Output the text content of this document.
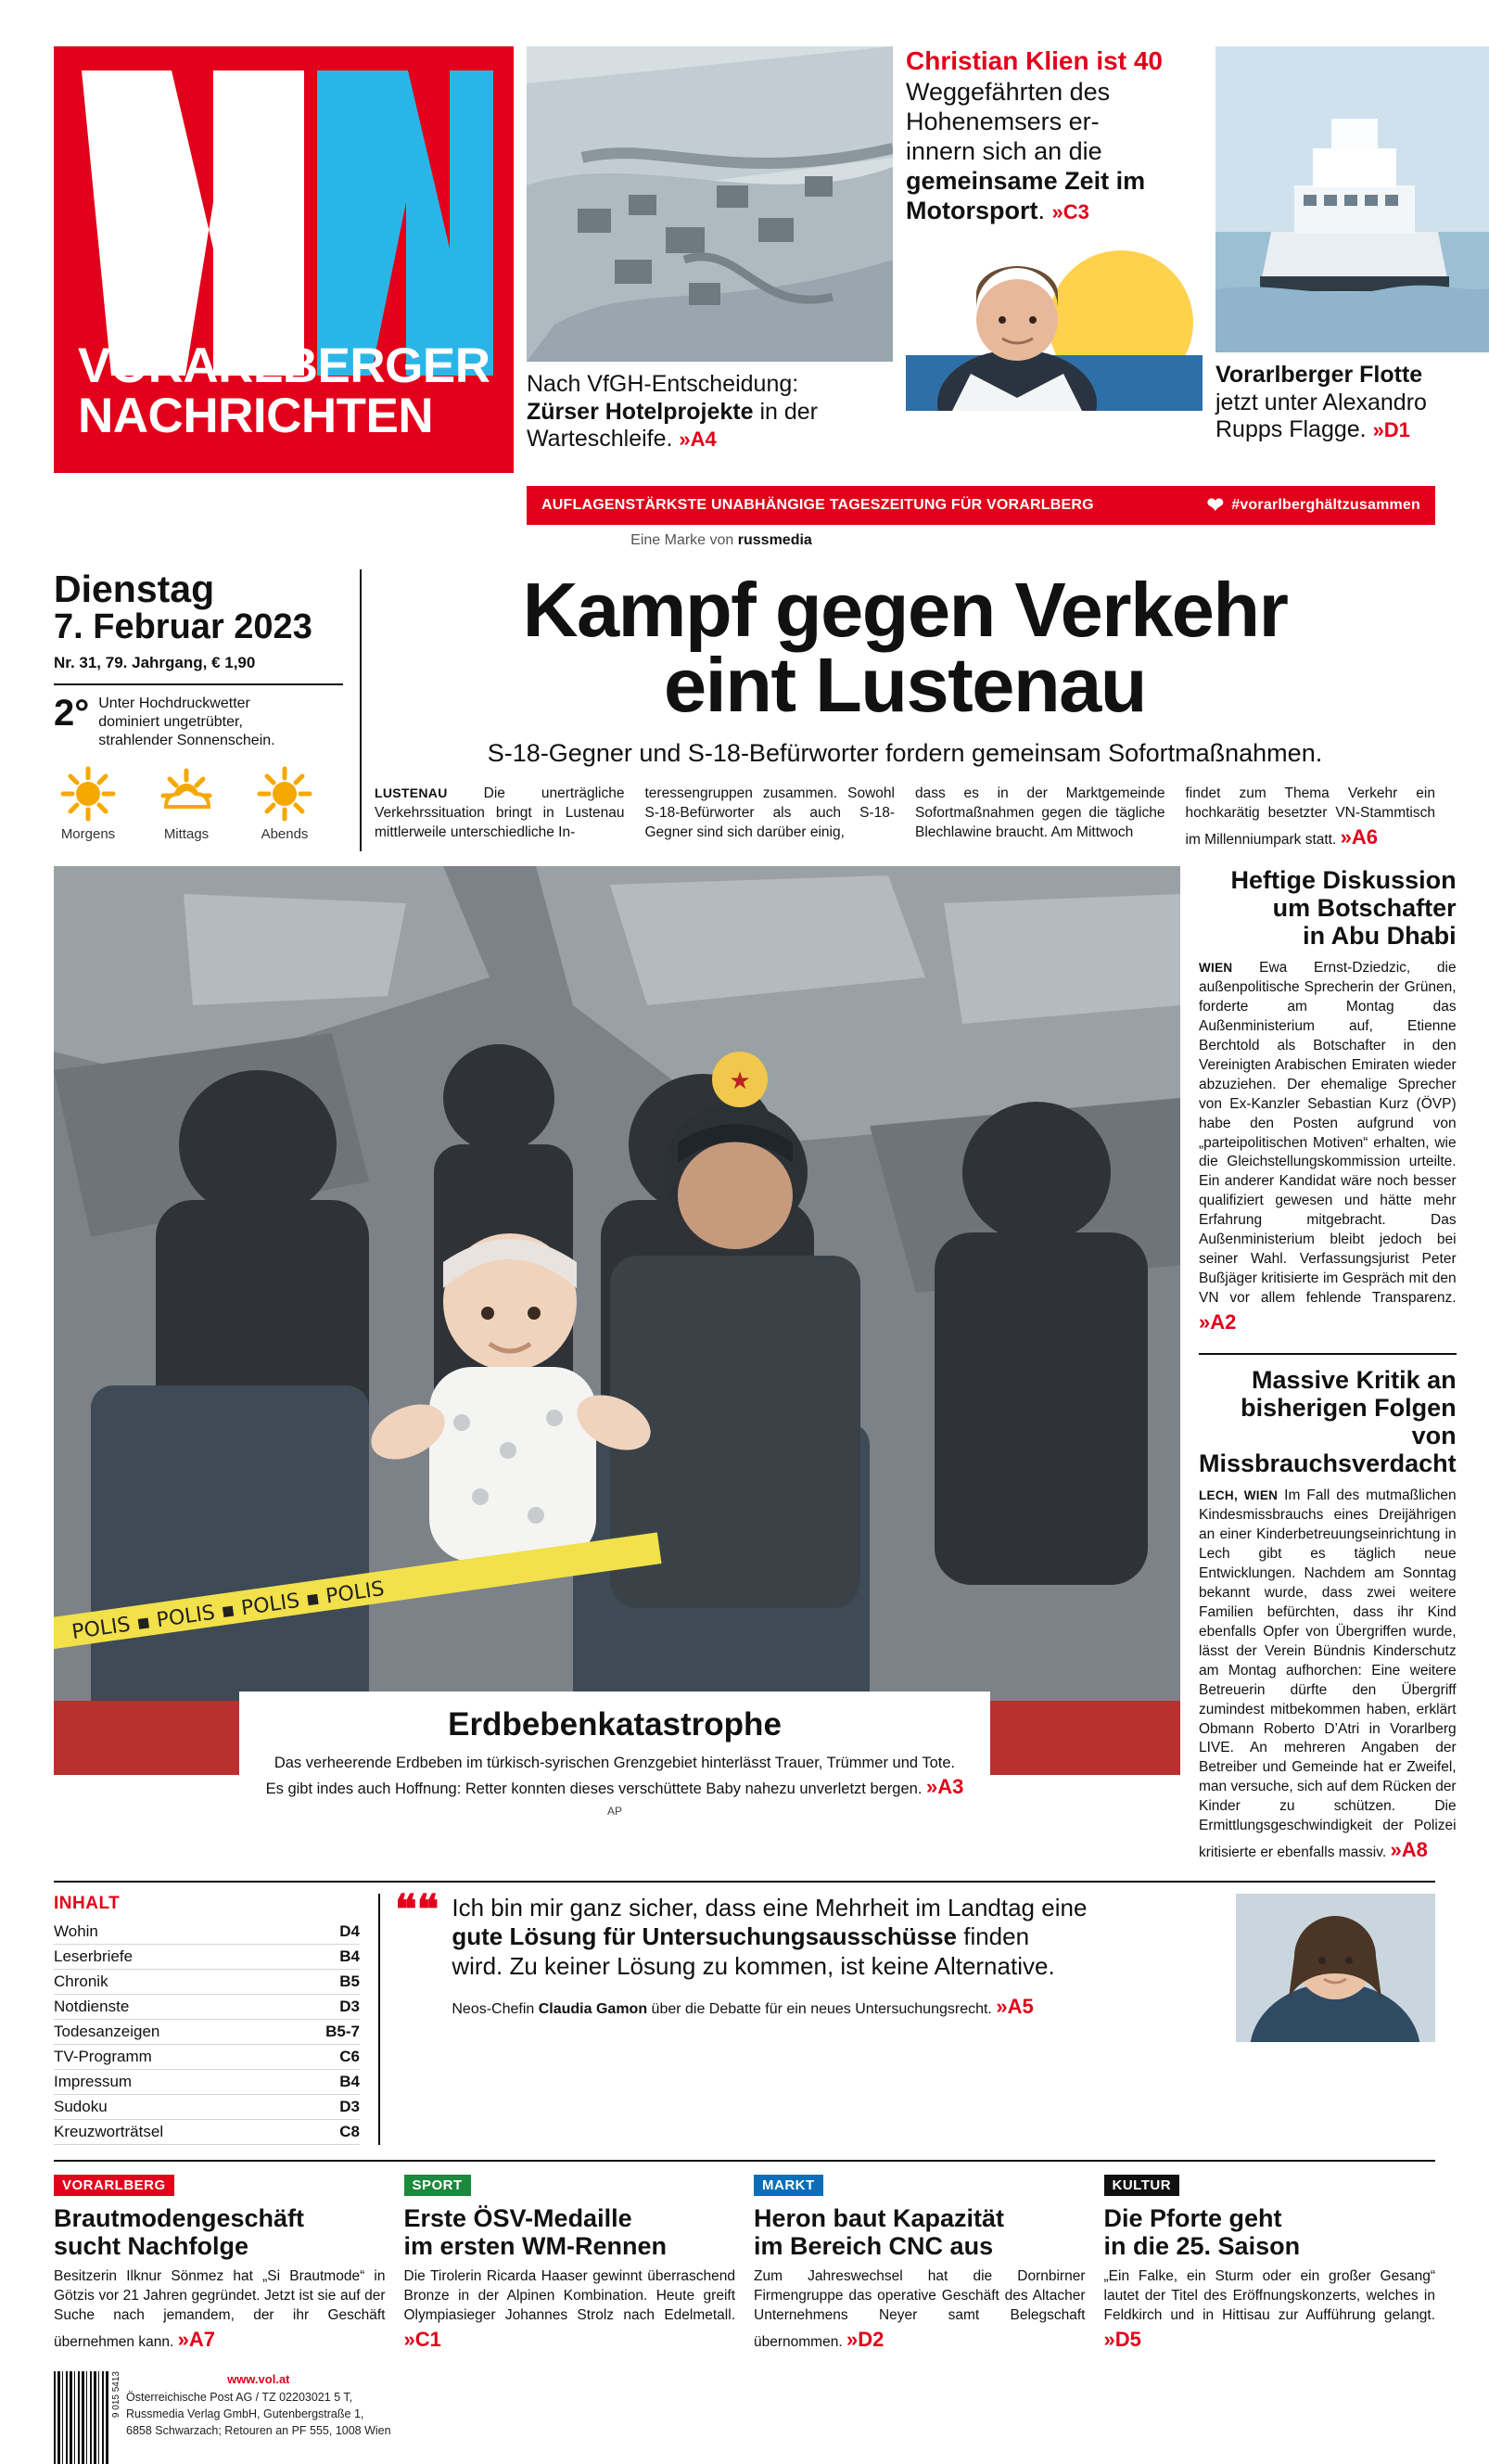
VORARLBERGER
NACHRICHTEN
Nach VfGH-Entscheidung:
Zürser Hotelprojekte in der
Warteschleife. »A4
Christian Klien ist 40
Weggefährten des
Hohenemsers er-
innern sich an die
gemeinsame Zeit im
Motorsport. »C3
Vorarlberger Flotte
jetzt unter Alexandro
Rupps Flagge. »D1
AUFLAGENSTÄRKSTE UNABHÄNGIGE TAGESZEITUNG FÜR VORARLBERG	❤ #vorarlberghältzusammen
Eine Marke von russmedia
Dienstag
7. Februar 2023
Nr. 31, 79. Jahrgang, € 1,90
2° Unter Hochdruckwetter
dominiert ungetrübter,
strahlender Sonnenschein.
Morgens	Mittags	Abends
Kampf gegen Verkehr
eint Lustenau
S-18-Gegner und S-18-Befürworter fordern gemeinsam Sofortmaßnahmen.
LUSTENAU Die unerträgliche Verkehrssituation bringt in Lustenau mittlerweile unterschiedliche In-
teressengruppen zusammen. Sowohl S-18-Befürworter als auch S-18-Gegner sind sich darüber einig,
dass es in der Marktgemeinde Sofortmaßnahmen gegen die tägliche Blechlawine braucht. Am Mittwoch
findet zum Thema Verkehr ein hochkarätig besetzter VN-Stammtisch im Millenniumpark statt. »A6
★
POLIS ▪ POLIS ▪ POLIS ▪ POLIS
Erdbebenkatastrophe

Das verheerende Erdbeben im türkisch-syrischen Grenzgebiet hinterlässt Trauer, Trümmer und Tote.
Es gibt indes auch Hoffnung: Retter konnten dieses verschüttete Baby nahezu unverletzt bergen. »A3 AP

Heftige Diskussion
um Botschafter
in Abu Dhabi
WIEN Ewa Ernst-Dziedzic, die außenpolitische Sprecherin der Grünen, forderte am Montag das Außenministerium auf, Etienne Berchtold als Botschafter in den Vereinigten Arabischen Emiraten wieder abzuziehen. Der ehemalige Sprecher von Ex-Kanzler Sebastian Kurz (ÖVP) habe den Posten aufgrund von „parteipolitischen Motiven“ erhalten, wie die Gleichstellungskommission urteilte. Ein anderer Kandidat wäre noch besser qualifiziert gewesen und hätte mehr Erfahrung mitgebracht. Das Außenministerium bleibt jedoch bei seiner Wahl. Verfassungsjurist Peter Bußjäger kritisierte im Gespräch mit den VN vor allem fehlende Transparenz. »A2
Massive Kritik an
bisherigen Folgen von
Missbrauchsverdacht
LECH, WIEN Im Fall des mutmaßlichen Kindesmissbrauchs eines Dreijährigen an einer Kinderbetreuungseinrichtung in Lech gibt es täglich neue Entwicklungen. Nachdem am Sonntag bekannt wurde, dass zwei weitere Familien befürchten, dass ihr Kind ebenfalls Opfer von Übergriffen wurde, lässt der Verein Bündnis Kinderschutz am Montag aufhorchen: Eine weitere Betreuerin dürfte den Übergriff zumindest mitbekommen haben, erklärt Obmann Roberto D’Atri in Vorarlberg LIVE. An mehreren Angaben der Betreiber und Gemeinde hat er Zweifel, man versuche, sich auf dem Rücken der Kinder zu schützen. Die Ermittlungsgeschwindigkeit der Polizei kritisierte er ebenfalls massiv. »A8
INHALT
Wohin	D4
Leserbriefe	B4
Chronik	B5
Notdienste	D3
Todesanzeigen	B5-7
TV-Programm	C6
Impressum	B4
Sudoku	D3
Kreuzworträtsel	C8
❝❝ Ich bin mir ganz sicher, dass eine Mehrheit im Landtag eine
gute Lösung für Untersuchungsausschüsse finden
wird. Zu keiner Lösung zu kommen, ist keine Alternative.
Neos-Chefin Claudia Gamon über die Debatte für ein neues Untersuchungsrecht. »A5
VORARLBERG
Brautmodengeschäft
sucht Nachfolge

Besitzerin Ilknur Sönmez hat „Si Brautmode“ in Götzis vor 21 Jahren gegründet. Jetzt ist sie auf der Suche nach jemandem, der ihr Geschäft übernehmen kann. »A7

SPORT
Erste ÖSV-Medaille
im ersten WM-Rennen

Die Tirolerin Ricarda Haaser gewinnt überraschend Bronze in der Alpinen Kombination. Heute greift Olympiasieger Johannes Strolz nach Edelmetall. »C1

MARKT
Heron baut Kapazität
im Bereich CNC aus

Zum Jahreswechsel hat die Dornbirner Firmengruppe das operative Geschäft des Altacher Unternehmens Neyer samt Belegschaft übernommen. »D2

KULTUR
Die Pforte geht
in die 25. Saison

„Ein Falke, ein Sturm oder ein großer Gesang“ lautet der Titel des Eröffnungskonzerts, welches in Feldkirch und in Hittisau zur Aufführung gelangt. »D5

9 015 5413	www.vol.at
Österreichische Post AG / TZ 02203021 5 T,
Russmedia Verlag GmbH, Gutenbergstraße 1,
6858 Schwarzach; Retouren an PF 555, 1008 Wien
